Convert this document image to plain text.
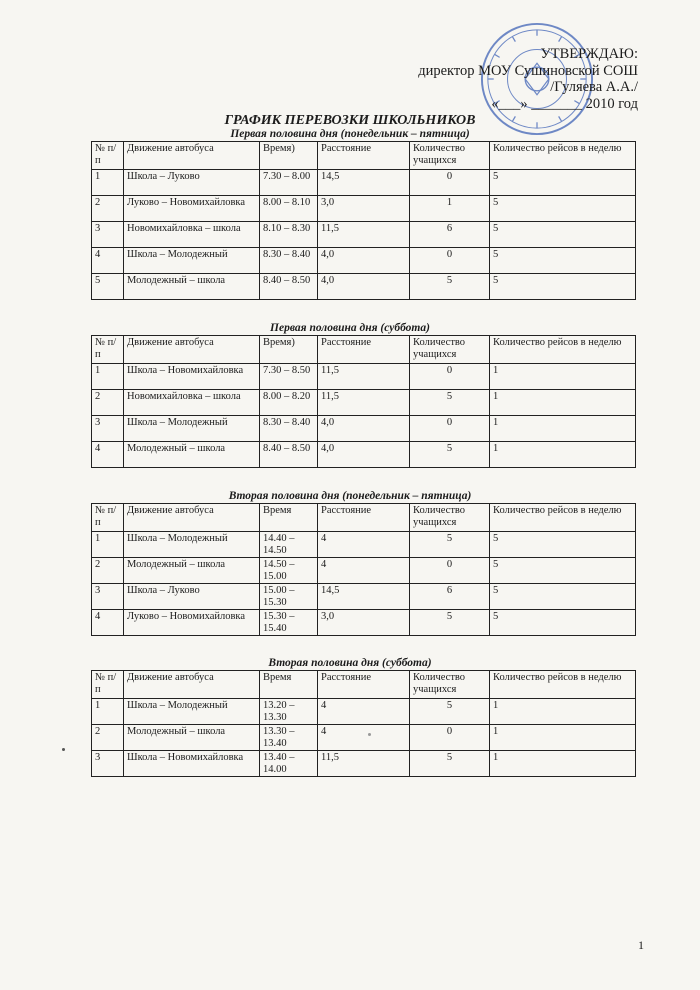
УТВЕРЖДАЮ:
директор МОУ Сушиновской СОШ
/Гуляева А.А./
«___» _______ 2010 год
ГРАФИК ПЕРЕВОЗКИ ШКОЛЬНИКОВ
Первая половина дня (понедельник – пятница)
№ п/п	Движение автобуса	Время)	Расстояние	Количество учащихся	Количество рейсов в неделю
1	Школа – Луково	7.30 – 8.00	14,5	0	5
2	Луково – Новомихайловка	8.00 – 8.10	3,0	1	5
3	Новомихайловка – школа	8.10 – 8.30	11,5	6	5
4	Школа – Молодежный	8.30 – 8.40	4,0	0	5
5	Молодежный – школа	8.40 – 8.50	4,0	5	5
Первая половина дня (суббота)
№ п/п	Движение автобуса	Время)	Расстояние	Количество учащихся	Количество рейсов в неделю
1	Школа – Новомихайловка	7.30 – 8.50	11,5	0	1
2	Новомихайловка – школа	8.00 – 8.20	11,5	5	1
3	Школа – Молодежный	8.30 – 8.40	4,0	0	1
4	Молодежный – школа	8.40 – 8.50	4,0	5	1
Вторая половина дня (понедельник – пятница)
№ п/п	Движение автобуса	Время	Расстояние	Количество учащихся	Количество рейсов в неделю
1	Школа – Молодежный	14.40 – 14.50	4	5	5
2	Молодежный – школа	14.50 – 15.00	4	0	5
3	Школа – Луково	15.00 – 15.30	14,5	6	5
4	Луково – Новомихайловка	15.30 – 15.40	3,0	5	5
Вторая половина дня (суббота)
№ п/п	Движение автобуса	Время	Расстояние	Количество учащихся	Количество рейсов в неделю
1	Школа – Молодежный	13.20 – 13.30	4	5	1
2	Молодежный – школа	13.30 – 13.40	4	0	1
3	Школа – Новомихайловка	13.40 – 14.00	11,5	5	1
1
